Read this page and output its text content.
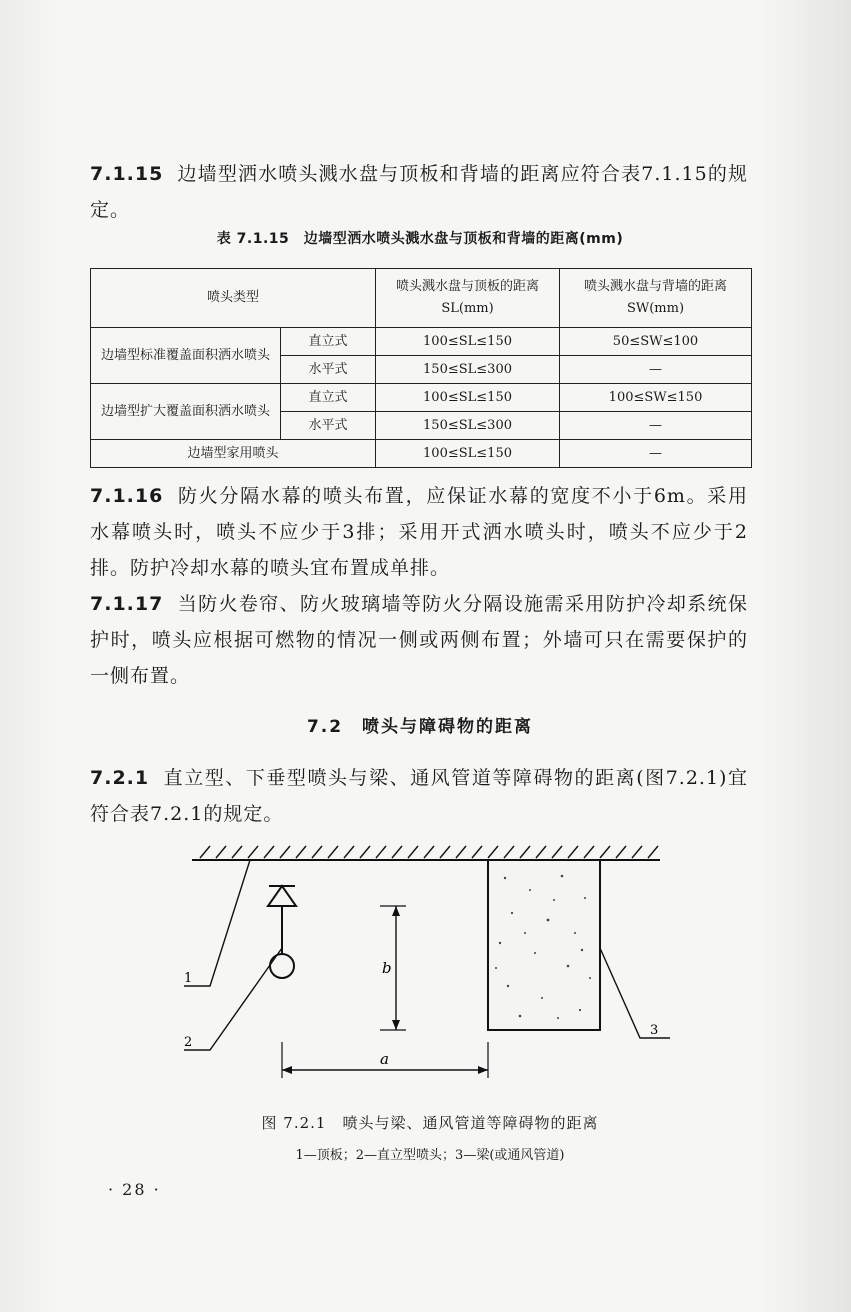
7.1.15 边墙型洒水喷头溅水盘与顶板和背墙的距离应符合表7.1.15的规定。
表 7.1.15　边墙型洒水喷头溅水盘与顶板和背墙的距离(mm)
喷头类型		喷头溅水盘与顶板的距离 SL(mm)	喷头溅水盘与背墙的距离 SW(mm)
边墙型标准覆盖面积洒水喷头	直立式	100≤SL≤150	50≤SW≤100
	水平式	150≤SL≤300	—
边墙型扩大覆盖面积洒水喷头	直立式	100≤SL≤150	100≤SW≤150
	水平式	150≤SL≤300	—
边墙型家用喷头		100≤SL≤150	—
7.1.16 防火分隔水幕的喷头布置，应保证水幕的宽度不小于6m。采用水幕喷头时，喷头不应少于3排；采用开式洒水喷头时，喷头不应少于2排。防护冷却水幕的喷头宜布置成单排。
7.1.17 当防火卷帘、防火玻璃墙等防火分隔设施需采用防护冷却系统保护时，喷头应根据可燃物的情况一侧或两侧布置；外墙可只在需要保护的一侧布置。
7.2　喷头与障碍物的距离
7.2.1 直立型、下垂型喷头与梁、通风管道等障碍物的距离(图7.2.1)宜符合表7.2.1的规定。
b
a
1
2
3
图 7.2.1　喷头与梁、通风管道等障碍物的距离
1—顶板；2—直立型喷头；3—梁(或通风管道)
· 28 ·
